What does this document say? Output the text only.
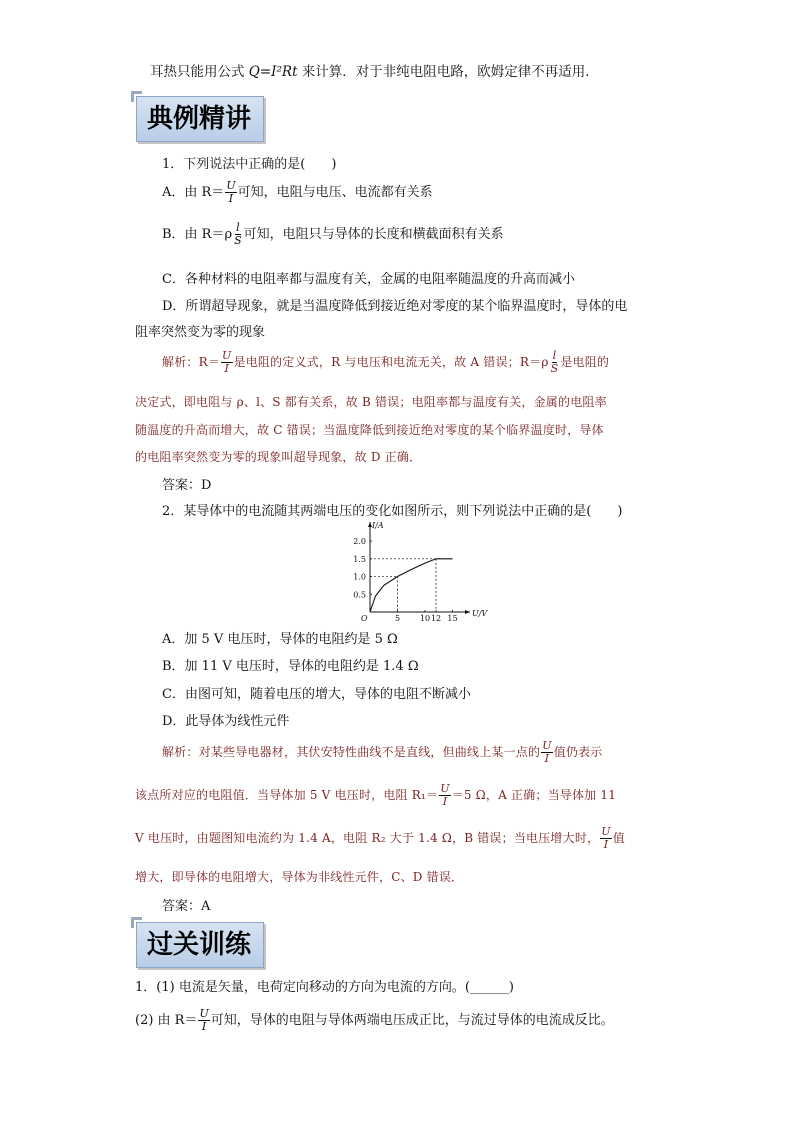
耳热只能用公式 Q=I²Rt 来计算．对于非纯电阻电路，欧姆定律不再适用．
典例精讲
1．下列说法中正确的是(　　)
A．由 $R= \frac{U}{I}$ 可知，电阻与电压、电流都有关系
B．由 $R=\rho \frac{l}{S}$ 可知，电阻只与导体的长度和横截面积有关系
C．各种材料的电阻率都与温度有关，金属的电阻率随温度的升高而减小
D．所谓超导现象，就是当温度降低到接近绝对零度的某个临界温度时，导体的电
阻率突然变为零的现象
解析：$R= \frac{U}{I}$ 是电阻的定义式，R 与电压和电流无关，故 A 错误；$R=\rho \frac{l}{S}$ 是电阻的
决定式，即电阻与 ρ、l、S 都有关系，故 B 错误；电阻率都与温度有关，金属的电阻率
随温度的升高而增大，故 C 错误；当温度降低到接近绝对零度的某个临界温度时，导体
的电阻率突然变为零的现象叫超导现象，故 D 正确．
答案：D
2．某导体中的电流随其两端电压的变化如图所示，则下列说法中正确的是(　　)
U/V
I/A
O
0.5
1.0
1.5
2.0
5 10 12 15
A．加 5 V 电压时，导体的电阻约是 5 Ω
B．加 11 V 电压时，导体的电阻约是 1.4 Ω
C．由图可知，随着电压的增大，导体的电阻不断减小
D．此导体为线性元件
解析：对某些导电器材，其伏安特性曲线不是直线，但曲线上某一点的 $\frac{U}{I}$ 值仍表示
该点所对应的电阻值．当导体加 5 V 电压时，电阻 $R_1= \frac{U}{I} =5$ Ω，A 正确；当导体加 11
V 电压时，由题图知电流约为 1.4 A，电阻 R₂ 大于 1.4 Ω，B 错误；当电压增大时， $\frac{U}{I}$ 值
增大，即导体的电阻增大，导体为非线性元件，C、D 错误．
答案：A
过关训练
1．(1) 电流是矢量，电荷定向移动的方向为电流的方向。(______)
(2) 由 $R= \frac{U}{I}$ 可知，导体的电阻与导体两端电压成正比，与流过导体的电流成反比。
